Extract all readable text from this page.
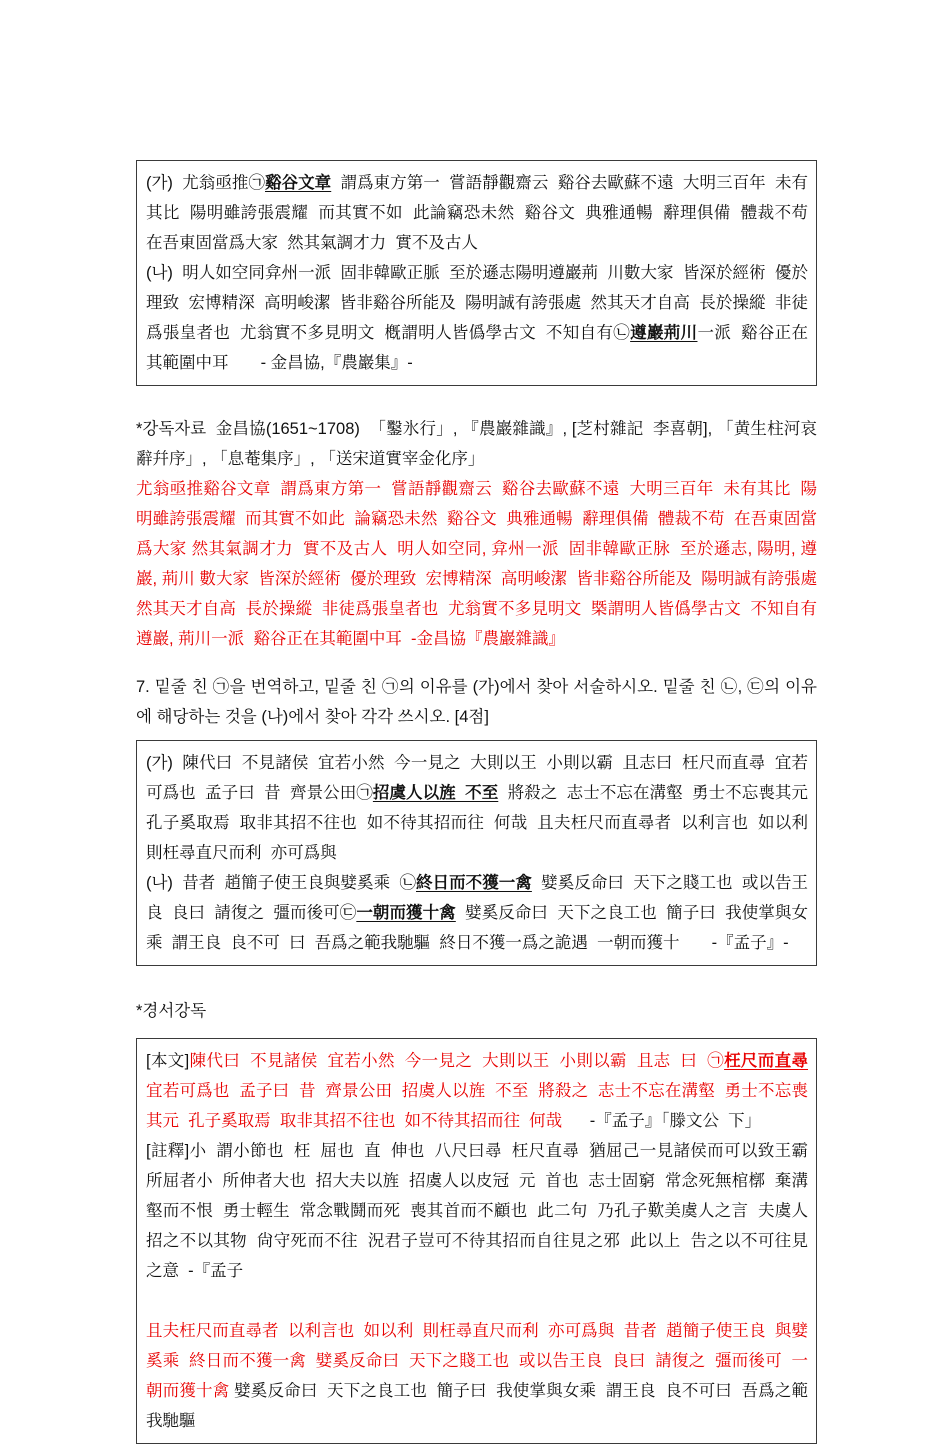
(가)  尤翁亟推㉠谿谷文章  謂爲東方第一  嘗語靜觀齋云  谿谷去歐蘇不遠  大明三百年  未有其比  陽明雖誇張震耀  而其實不如  此論竊恐未然  谿谷文  典雅通暢  辭理俱備  體裁不苟  在吾東固當爲大家  然其氣調才力  實不及古人
(나)  明人如空同弇州一派  固非韓歐正脈  至於遜志陽明遵巖荊  川數大家  皆深於經術  優於理致  宏博精深  高明峻潔  皆非谿谷所能及  陽明誠有誇張處  然其天才自高  長於操縱  非徒爲張皇者也  尤翁實不多見明文  槪謂明人皆僞學古文  不知自有㉡遵巖荊川一派  谿谷正在其範圍中耳       - 金昌協,『農巖集』-
*강독자료  金昌協(1651~1708)  「鑿氷行」, 『農巖雜識』, [芝村雜記  李喜朝], 「黄生柱河哀辭幷序」, 「息菴集序」, 「送宋道實宰金化序」
尤翁亟推谿谷文章  謂爲東方第一  嘗語靜觀齋云  谿谷去歐蘇不遠  大明三百年  未有其比  陽明雖誇張震耀  而其實不如此  論竊恐未然  谿谷文  典雅通暢  辭理俱備  體裁不苟  在吾東固當爲大家 然其氣調才力  實不及古人  明人如空同, 弇州一派  固非韓歐正脉  至於遜志, 陽明, 遵巖, 荊川 數大家  皆深於經術  優於理致  宏博精深  高明峻潔  皆非谿谷所能及  陽明誠有誇張處  然其天才自高  長於操縱  非徒爲張皇者也  尤翁實不多見明文  槩謂明人皆僞學古文  不知自有遵巖, 荊川一派  谿谷正在其範圍中耳  -金昌協『農巖雜識』
7. 밑줄 친 ㉠을 번역하고, 밑줄 친 ㉠의 이유를 (가)에서 찾아 서술하시오. 밑줄 친 ㉡, ㉢의 이유에 해당하는 것을 (나)에서 찾아 각각 쓰시오. [4점]
(가)  陳代曰  不見諸侯  宜若小然  今一見之  大則以王  小則以霸  且志曰  枉尺而直尋  宜若可爲也  孟子曰  昔  齊景公田㉠招虞人以旌  不至  將殺之  志士不忘在溝壑  勇士不忘喪其元  孔子奚取焉  取非其招不往也  如不待其招而往  何哉  且夫枉尺而直尋者  以利言也  如以利  則枉尋直尺而利  亦可爲與
(나)  昔者  趙簡子使王良與嬖奚乘  ㉡終日而不獲一禽  嬖奚反命曰  天下之賤工也  或以告王良  良曰  請復之  彊而後可㉢一朝而獲十禽  嬖奚反命曰  天下之良工也  簡子曰  我使掌與女乘  謂王良  良不可  曰  吾爲之範我馳驅  終日不獲一爲之詭遇  一朝而獲十       -『孟子』-
*경서강독
[本文]陳代曰  不見諸侯  宜若小然  今一見之  大則以王  小則以霸  且志  曰  ㉠枉尺而直尋  宜若可爲也  孟子曰  昔  齊景公田  招虞人以旌  不至  將殺之  志士不忘在溝壑  勇士不忘喪其元  孔子奚取焉  取非其招不往也  如不待其招而往  何哉      -『孟子』「滕文公  下」
[註釋]小  謂小節也  枉  屈也  直  伸也  八尺曰尋  枉尺直尋  猶屈己一見諸侯而可以致王霸  所屈者小  所伸者大也  招大夫以旌  招虞人以皮冠  元  首也  志士固窮  常念死無棺槨  棄溝壑而不恨  勇士輕生  常念戰鬪而死  喪其首而不顧也  此二句  乃孔子歎美虞人之言  夫虞人  招之不以其物  尙守死而不往  況君子豈可不待其招而自往見之邪  此以上  告之以不可往見之意  -『孟子
且夫枉尺而直尋者  以利言也  如以利  則枉尋直尺而利  亦可爲與  昔者  趙簡子使王良  與嬖奚乘  終日而不獲一禽  嬖奚反命曰  天下之賤工也  或以告王良  良曰  請復之  彊而後可  一朝而獲十禽 嬖奚反命曰  天下之良工也  簡子曰  我使掌與女乘  謂王良  良不可曰  吾爲之範我馳驅
